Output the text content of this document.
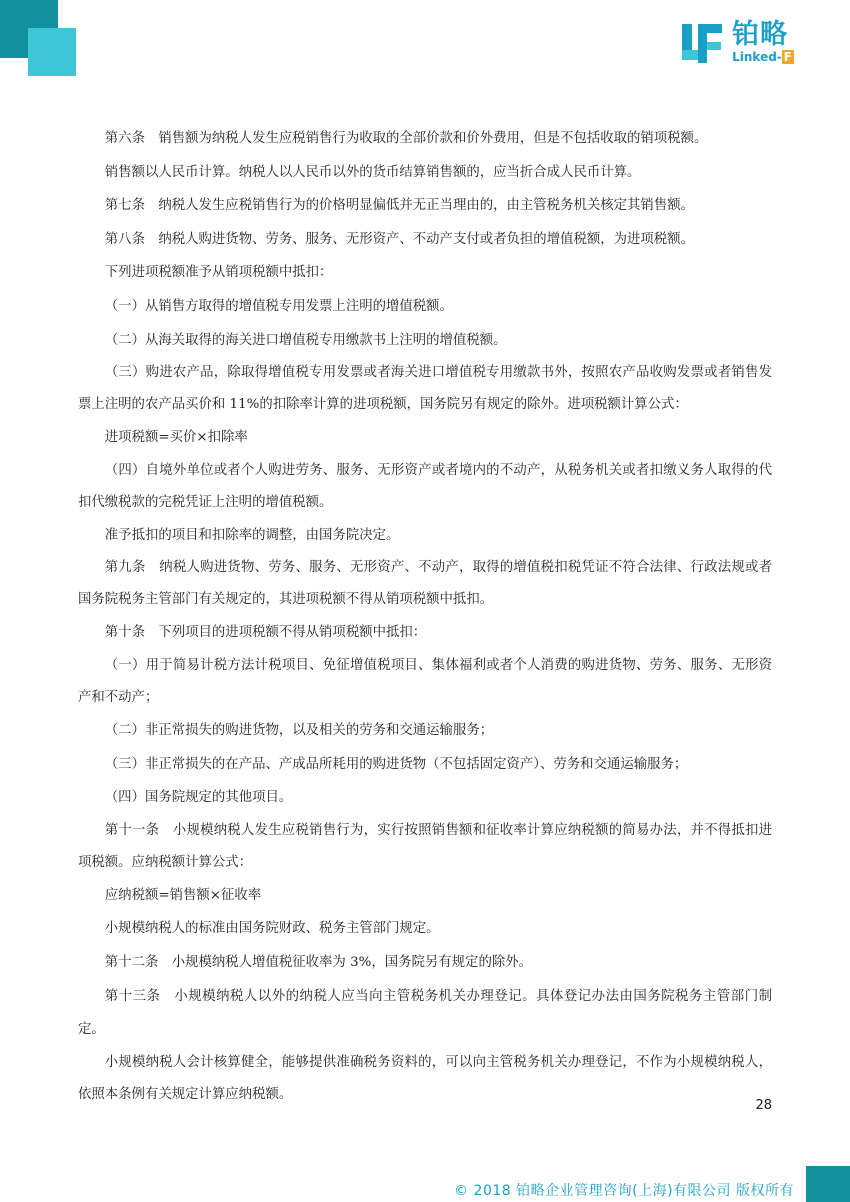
铂略
Linked- F

第六条　销售额为纳税人发生应税销售行为收取的全部价款和价外费用，但是不包括收取的销项税额。

销售额以人民币计算。纳税人以人民币以外的货币结算销售额的，应当折合成人民币计算。

第七条　纳税人发生应税销售行为的价格明显偏低并无正当理由的，由主管税务机关核定其销售额。

第八条　纳税人购进货物、劳务、服务、无形资产、不动产支付或者负担的增值税额，为进项税额。

下列进项税额准予从销项税额中抵扣：

（一）从销售方取得的增值税专用发票上注明的增值税额。

（二）从海关取得的海关进口增值税专用缴款书上注明的增值税额。

（三）购进农产品，除取得增值税专用发票或者海关进口增值税专用缴款书外，按照农产品收购发票或者销售发票上注明的农产品买价和 11%的扣除率计算的进项税额，国务院另有规定的除外。进项税额计算公式：

进项税额=买价×扣除率

（四）自境外单位或者个人购进劳务、服务、无形资产或者境内的不动产，从税务机关或者扣缴义务人取得的代扣代缴税款的完税凭证上注明的增值税额。

准予抵扣的项目和扣除率的调整，由国务院决定。

第九条　纳税人购进货物、劳务、服务、无形资产、不动产，取得的增值税扣税凭证不符合法律、行政法规或者国务院税务主管部门有关规定的，其进项税额不得从销项税额中抵扣。

第十条　下列项目的进项税额不得从销项税额中抵扣：

（一）用于简易计税方法计税项目、免征增值税项目、集体福利或者个人消费的购进货物、劳务、服务、无形资产和不动产；

（二）非正常损失的购进货物，以及相关的劳务和交通运输服务；

（三）非正常损失的在产品、产成品所耗用的购进货物（不包括固定资产）、劳务和交通运输服务；

（四）国务院规定的其他项目。

第十一条　小规模纳税人发生应税销售行为，实行按照销售额和征收率计算应纳税额的简易办法，并不得抵扣进项税额。应纳税额计算公式：

应纳税额=销售额×征收率

小规模纳税人的标准由国务院财政、税务主管部门规定。

第十二条　小规模纳税人增值税征收率为 3%，国务院另有规定的除外。

第十三条　小规模纳税人以外的纳税人应当向主管税务机关办理登记。具体登记办法由国务院税务主管部门制定。

小规模纳税人会计核算健全，能够提供准确税务资料的，可以向主管税务机关办理登记，不作为小规模纳税人，依照本条例有关规定计算应纳税额。

28
© 2018 铂略企业管理咨询(上海)有限公司 版权所有
